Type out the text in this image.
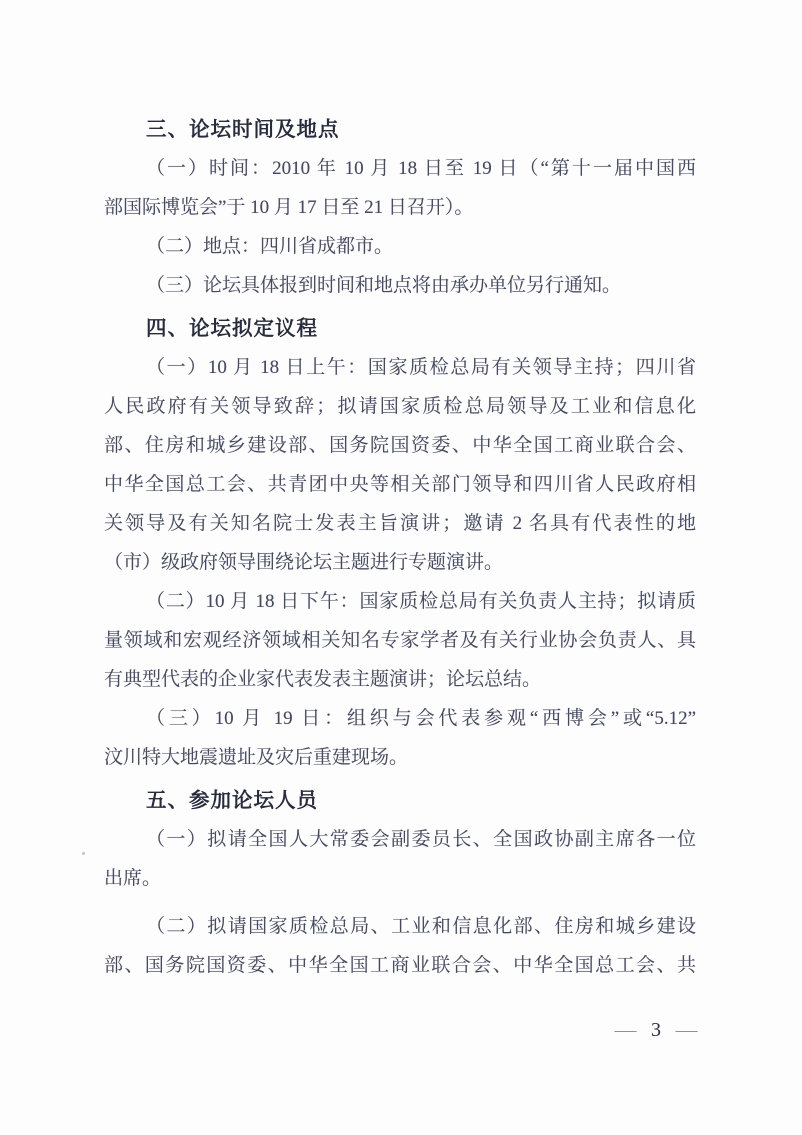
三、论坛时间及地点
（一）时间：2010 年 10 月 18 日至 19 日（“第十一届中国西
部国际博览会”于 10 月 17 日至 21 日召开）。
（二）地点：四川省成都市。
（三）论坛具体报到时间和地点将由承办单位另行通知。
四、论坛拟定议程
（一）10 月 18 日上午：国家质检总局有关领导主持；四川省
人民政府有关领导致辞；拟请国家质检总局领导及工业和信息化
部、住房和城乡建设部、国务院国资委、中华全国工商业联合会、
中华全国总工会、共青团中央等相关部门领导和四川省人民政府相
关领导及有关知名院士发表主旨演讲；邀请 2 名具有代表性的地
（市）级政府领导围绕论坛主题进行专题演讲。
（二）10 月 18 日下午：国家质检总局有关负责人主持；拟请质
量领域和宏观经济领域相关知名专家学者及有关行业协会负责人、具
有典型代表的企业家代表发表主题演讲；论坛总结。
（三）10 月 19 日：组织与会代表参观“西博会”或“5.12”
汶川特大地震遗址及灾后重建现场。
五、参加论坛人员
（一）拟请全国人大常委会副委员长、全国政协副主席各一位
出席。
（二）拟请国家质检总局、工业和信息化部、住房和城乡建设
部、国务院国资委、中华全国工商业联合会、中华全国总工会、共
— 3 —
